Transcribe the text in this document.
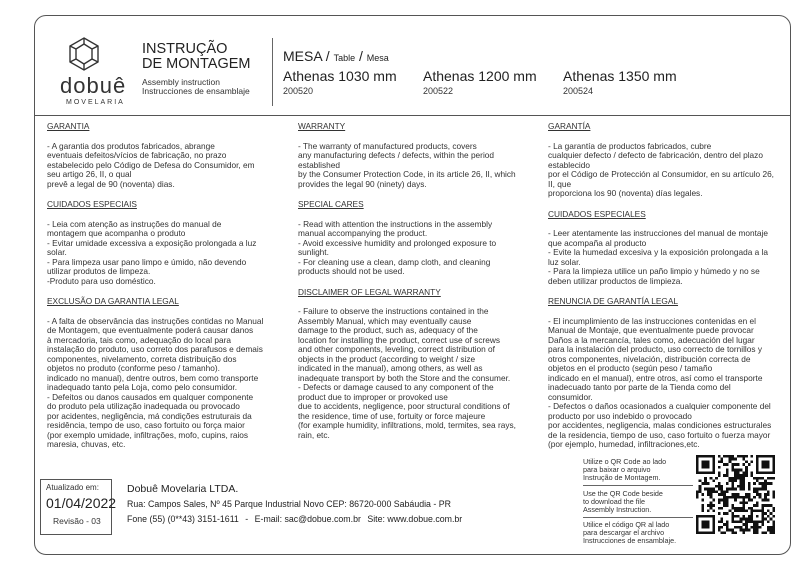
dobuê
MOVELARIA
INSTRUÇÃO
DE MONTAGEM
Assembly instruction
Instrucciones de ensamblaje
MESA / Table / Mesa
Athenas 1030 mm
200520
Athenas 1200 mm
200522
Athenas 1350 mm
200524
GARANTIA

- A garantia dos produtos fabricados, abrange
eventuais defeitos/vícios de fabricação, no prazo
estabelecido pelo Código de Defesa do Consumidor, em
seu artigo 26, II, o qual
prevê a legal de 90 (noventa) dias.

CUIDADOS ESPECIAIS

- Leia com atenção as instruções do manual de
montagem que acompanha o produto
- Evitar umidade excessiva a exposição prolongada a luz
solar.
- Para limpeza usar pano limpo e úmido, não devendo
utilizar produtos de limpeza.
-Produto para uso doméstico.

EXCLUSÃO DA GARANTIA LEGAL

- A falta de observância das instruções contidas no Manual
de Montagem, que eventualmente poderá causar danos
à mercadoria, tais como, adequação do local para
instalação do produto, uso correto dos parafusos e demais
componentes, nivelamento, correta distribuição dos
objetos no produto (conforme peso / tamanho).
indicado no manual), dentre outros, bem como transporte
inadequado tanto pela Loja, como pelo consumidor.
- Defeitos ou danos causados em qualquer componente
do produto pela utilização inadequada ou provocado
por acidentes, negligência, má condições estruturais da
residência, tempo de uso, caso fortuito ou força maior
(por exemplo umidade, infiltrações, mofo, cupins, raios
maresia, chuvas, etc.

WARRANTY

- The warranty of manufactured products, covers
any manufacturing defects / defects, within the period
established
by the Consumer Protection Code, in its article 26, II, which
provides the legal 90 (ninety) days.

SPECIAL CARES

- Read with attention the instructions in the assembly
manual accompanying the product.
- Avoid excessive humidity and prolonged exposure to
sunlight.
- For cleaning use a clean, damp cloth, and cleaning
products should not be used.

DISCLAIMER OF LEGAL WARRANTY

- Failure to observe the instructions contained in the
Assembly Manual, which may eventually cause
damage to the product, such as, adequacy of the
location for installing the product, correct use of screws
and other components, leveling, correct distribution of
objects in the product (according to weight / size
indicated in the manual), among others, as well as
inadequate transport by both the Store and the consumer.
- Defects or damage caused to any component of the
product due to improper or provoked use
due to accidents, negligence, poor structural conditions of
the residence, time of use, fortuity or force majeure
(for example humidity, infiltrations, mold, termites, sea rays,
rain, etc.

GARANTÍA

- La garantía de productos fabricados, cubre
cualquier defecto / defecto de fabricación, dentro del plazo
establecido
por el Código de Protección al Consumidor, en su artículo 26,
II, que
proporciona los 90 (noventa) días legales.

CUIDADOS ESPECIALES

- Leer atentamente las instrucciones del manual de montaje
que acompaña al producto
- Evite la humedad excesiva y la exposición prolongada a la
luz solar.
- Para la limpieza utilice un paño limpio y húmedo y no se
deben utilizar productos de limpieza.

RENUNCIA DE GARANTÍA LEGAL

- El incumplimiento de las instrucciones contenidas en el
Manual de Montaje, que eventualmente puede provocar
Daños a la mercancía, tales como, adecuación del lugar
para la instalación del producto, uso correcto de tornillos y
otros componentes, nivelación, distribución correcta de
objetos en el producto (según peso / tamaño
indicado en el manual), entre otros, así como el transporte
inadecuado tanto por parte de la Tienda como del
consumidor.
- Defectos o daños ocasionados a cualquier componente del
producto por uso indebido o provocado
por accidentes, negligencia, malas condiciones estructurales
de la residencia, tiempo de uso, caso fortuito o fuerza mayor
(por ejemplo, humedad, infiltraciones,etc.

Atualizado em:
01/04/2022
Revisão - 03
Dobuê Movelaria LTDA.
Rua: Campos Sales, Nº 45 Parque Industrial Novo CEP: 86720-000 Sabáudia - PR
Fone (55) (0**43) 3151-1611 - E-mail: sac@dobue.com.br Site: www.dobue.com.br
Utilize o QR Code ao lado
para baixar o arquivo
Instrução de Montagem.
Use the QR Code beside
to download the file
Assembly Instruction.
Utilice el código QR al lado
para descargar el archivo
Instrucciones de ensamblaje.
